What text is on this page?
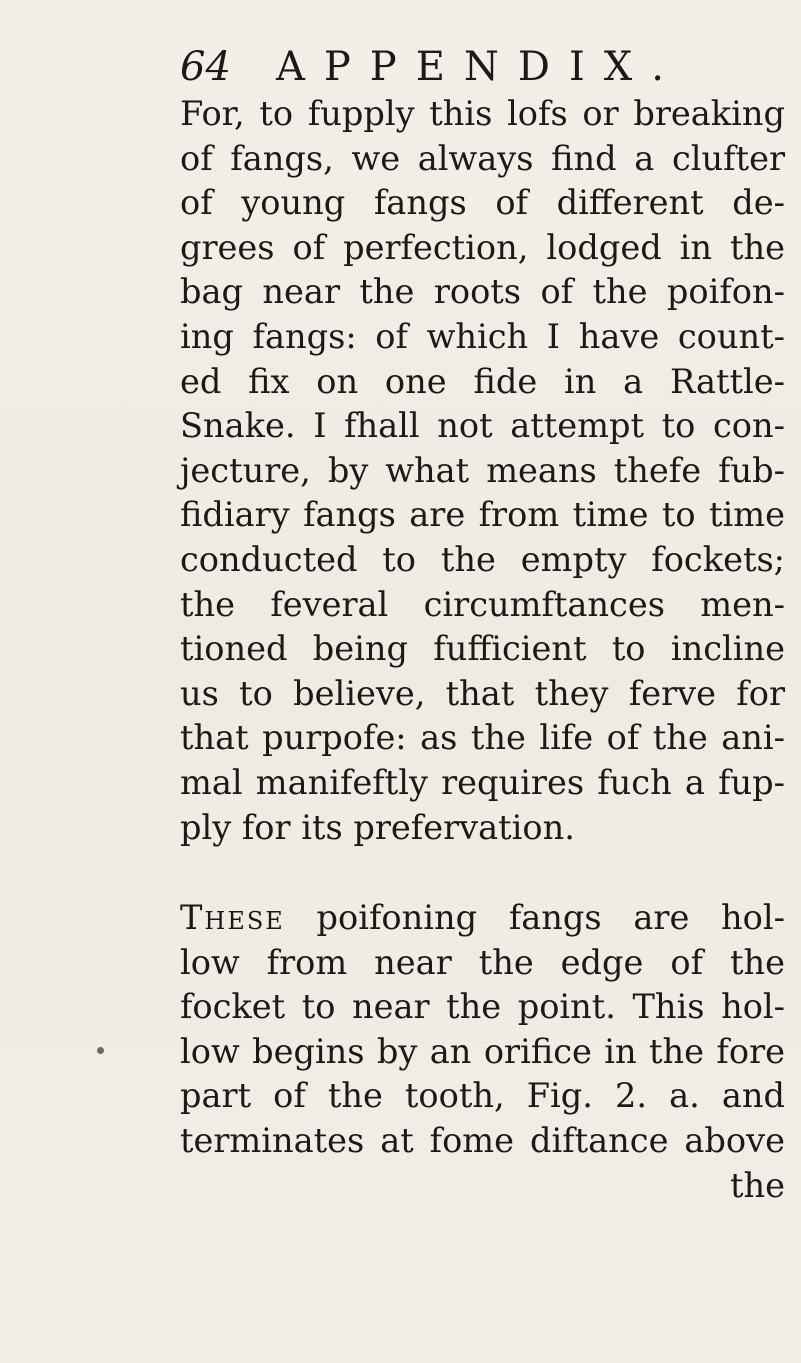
64 APPENDIX.
For, to fupply this lofs or breaking
of fangs, we always find a clufter
of young fangs of different de-
grees of perfection, lodged in the
bag near the roots of the poifon-
ing fangs: of which I have count-
ed fix on one fide in a Rattle-
Snake. I fhall not attempt to con-
jecture, by what means thefe fub-
fidiary fangs are from time to time
conducted to the empty fockets;
the feveral circumftances men-
tioned being fufficient to incline
us to believe, that they ferve for
that purpofe: as the life of the ani-
mal manifeftly requires fuch a fup-
ply for its prefervation.
These poifoning fangs are hol-
low from near the edge of the
focket to near the point. This hol-
low begins by an orifice in the fore
part of the tooth, Fig. 2. a. and
terminates at fome diftance above
the
